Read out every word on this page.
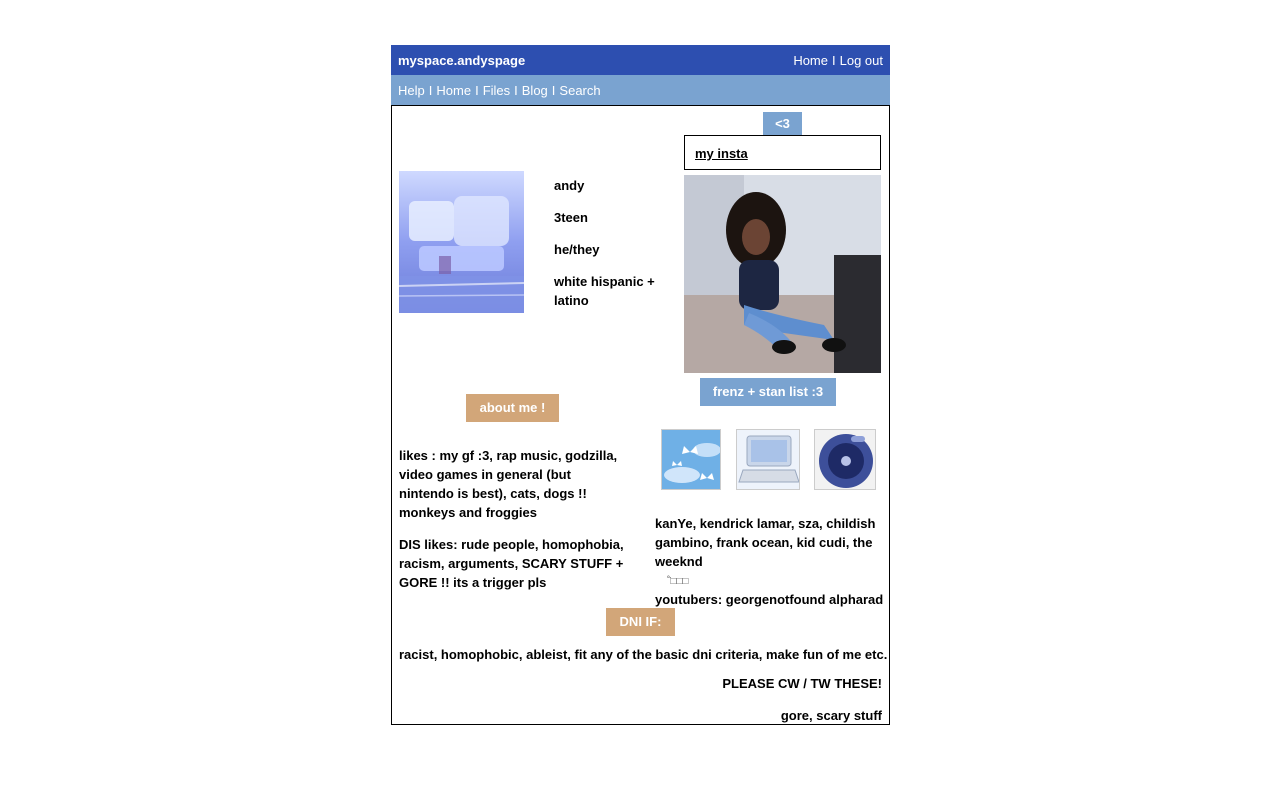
myspace.andyspage	Home I Log out
Help I Home I Files I Blog I Search
<3
my insta
andy
3teen
he/they
white hispanic + latino
frenz + stan list :3
about me !
likes : my gf :3, rap music, godzilla, video games in general (but nintendo is best), cats, dogs !! monkeys and froggies
DIS likes: rude people, homophobia, racism, arguments, SCARY STUFF + GORE !! its a trigger pls
kanYe, kendrick lamar, sza, childish gambino, frank ocean, kid cudi, the weeknd
˚̇□□□
youtubers: georgenotfound alpharad
DNI IF:
racist, homophobic, ableist, fit any of the basic dni criteria, make fun of me etc.
PLEASE CW / TW THESE!
gore, scary stuff
